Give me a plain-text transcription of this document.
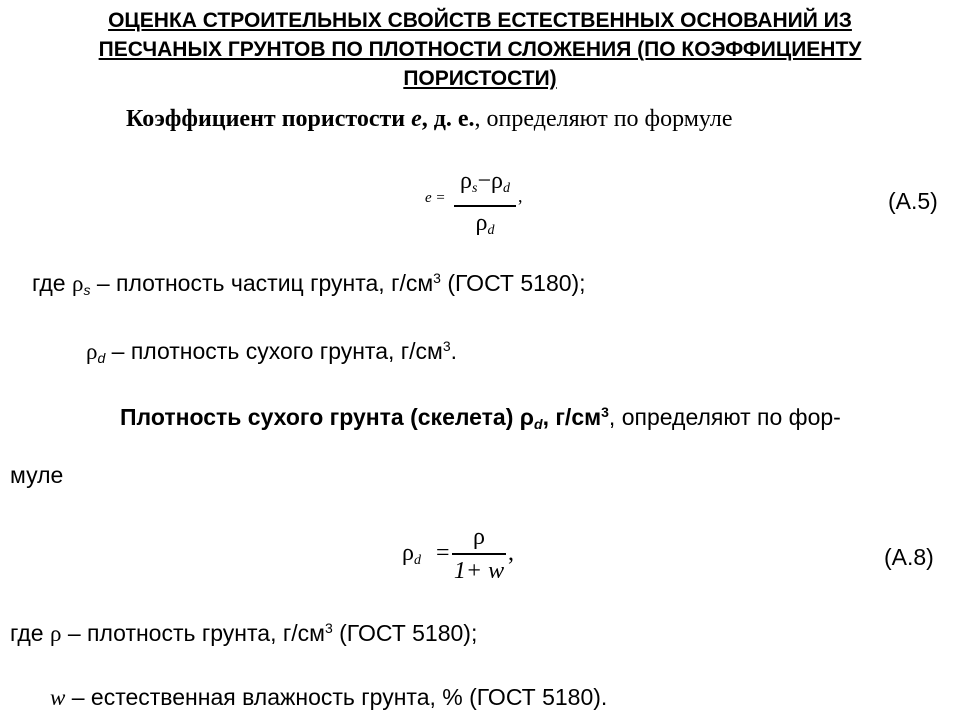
ОЦЕНКА СТРОИТЕЛЬНЫХ СВОЙСТВ ЕСТЕСТВЕННЫХ ОСНОВАНИЙ ИЗ
ПЕСЧАНЫХ ГРУНТОВ ПО ПЛОТНОСТИ СЛОЖЕНИЯ (ПО КОЭФФИЦИЕНТУ
ПОРИСТОСТИ)
Коэффициент пористости e, д. е., определяют по формуле
e =
$\rho_s-\rho_d$
$\rho_d$
,	(А.5)
где $\rho_s$ – плотность частиц грунта, $г/см^3$ (ГОСТ 5180);
$\rho_d$ – плотность сухого грунта, $г/см^3$.
Плотность сухого грунта (скелета) $\rho_d$, $г/см^3$, определяют по фор-
муле
$\rho_d$ =
ρ
1+ w
,	(А.8)
где ρ – плотность грунта, $г/см^3$ (ГОСТ 5180);
w – естественная влажность грунта, % (ГОСТ 5180).
